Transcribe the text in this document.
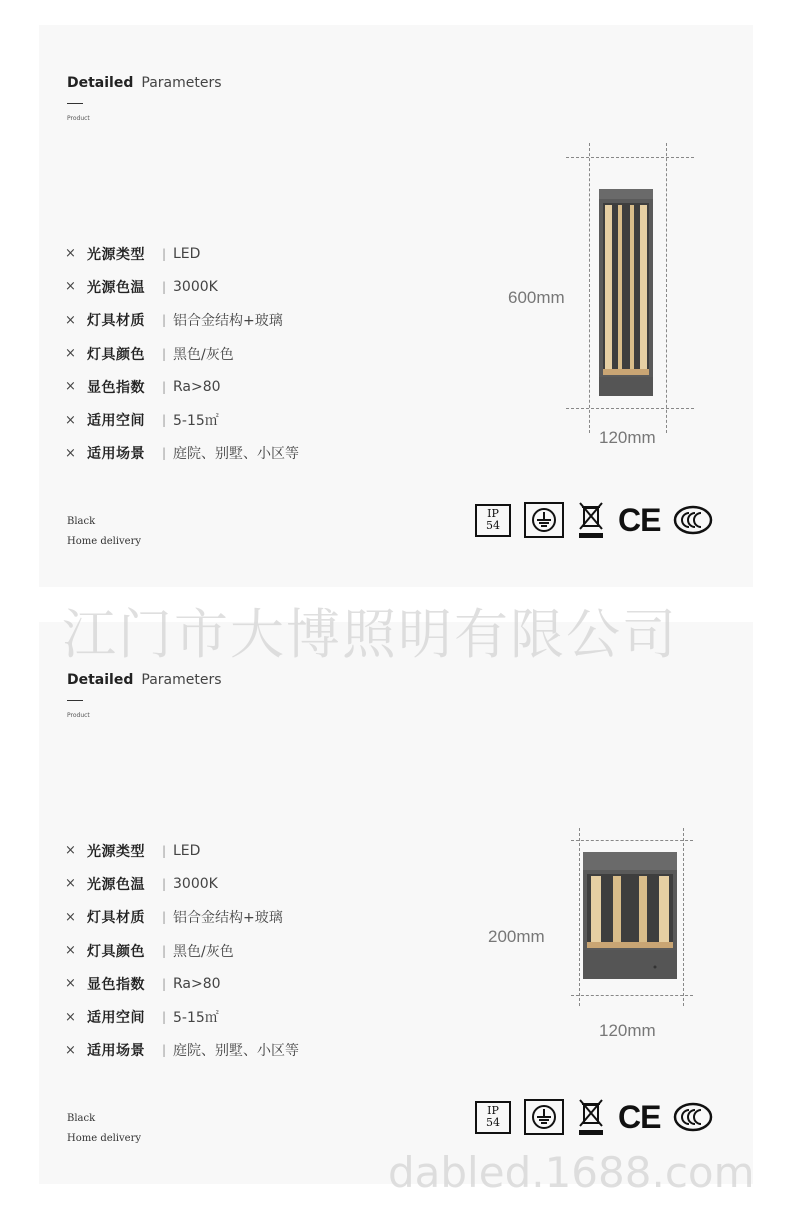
Detailed Parameters
Product
× 光源类型	| LED
× 光源色温	| 3000K
× 灯具材质	| 铝合金结构+玻璃
× 灯具颜色	| 黑色/灰色
× 显色指数	| Ra>80
× 适用空间	| 5-15㎡
× 适用场景	| 庭院、别墅、小区等
Black
Home delivery
600mm
120mm
IP
54	CE
Detailed Parameters
Product
× 光源类型	| LED
× 光源色温	| 3000K
× 灯具材质	| 铝合金结构+玻璃
× 灯具颜色	| 黑色/灰色
× 显色指数	| Ra>80
× 适用空间	| 5-15㎡
× 适用场景	| 庭院、别墅、小区等
Black
Home delivery
200mm
120mm
IP
54	CE
江门市大博照明有限公司
dabled.1688.com
